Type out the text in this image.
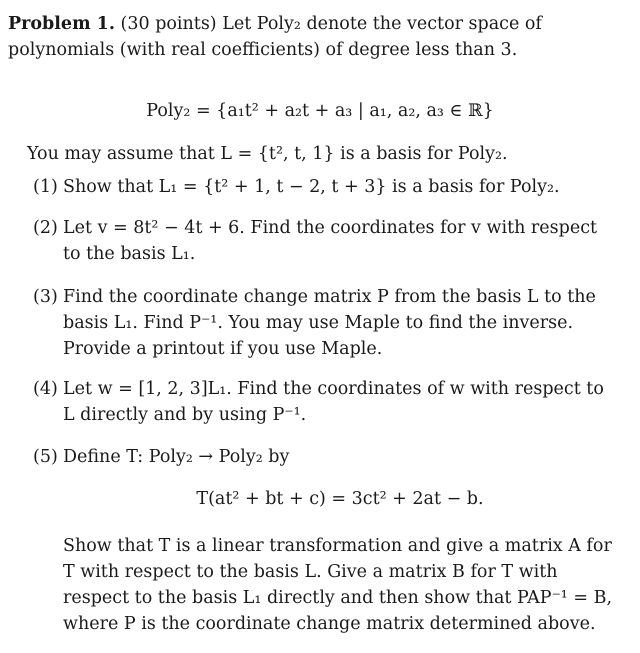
Problem 1. (30 points) Let Poly₂ denote the vector space of polynomials (with real coefficients) of degree less than 3.

Poly₂ = {a₁t² + a₂t + a₃ | a₁, a₂, a₃ ∈ ℝ}
You may assume that L = {t², t, 1} is a basis for Poly₂.
(1) Show that L₁ = {t² + 1, t − 2, t + 3} is a basis for Poly₂.
(2) Let v = 8t² − 4t + 6. Find the coordinates for v with respect to the basis L₁.
(3) Find the coordinate change matrix P from the basis L to the basis L₁. Find P⁻¹. You may use Maple to find the inverse. Provide a printout if you use Maple.
(4) Let w = [1, 2, 3]L₁. Find the coordinates of w with respect to L directly and by using P⁻¹.
(5) Define T: Poly₂ → Poly₂ by
T(at² + bt + c) = 3ct² + 2at − b.
Show that T is a linear transformation and give a matrix A for T with respect to the basis L. Give a matrix B for T with respect to the basis L₁ directly and then show that PAP⁻¹ = B, where P is the coordinate change matrix determined above.
